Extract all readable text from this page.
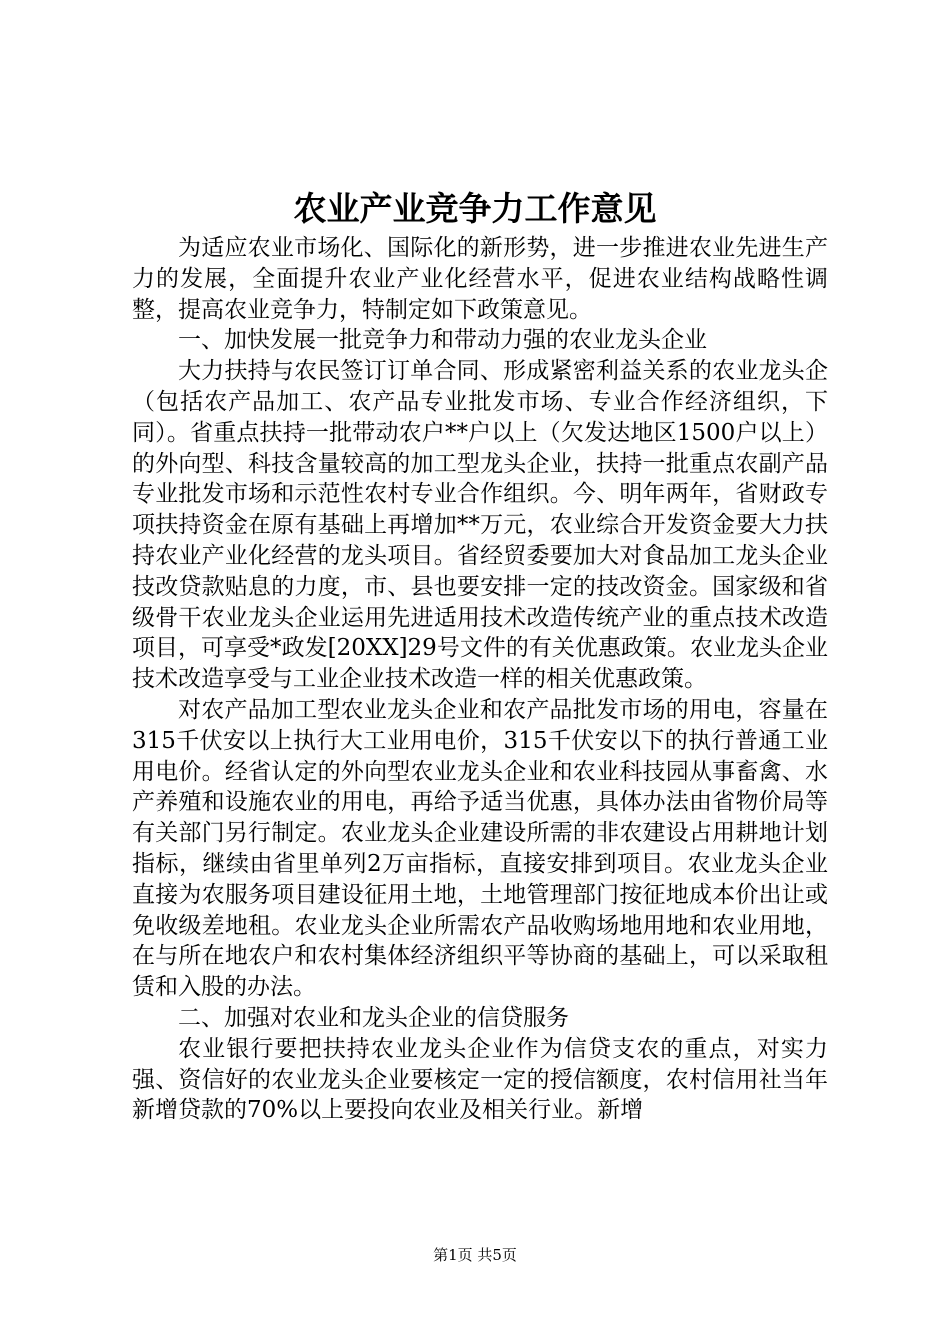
农业产业竞争力工作意见

为适应农业市场化、国际化的新形势，进一步推进农业先进生产力的发展，全面提升农业产业化经营水平，促进农业结构战略性调整，提高农业竞争力，特制定如下政策意见。

一、加快发展一批竞争力和带动力强的农业龙头企业

大力扶持与农民签订订单合同、形成紧密利益关系的农业龙头企（包括农产品加工、农产品专业批发市场、专业合作经济组织，下同）。省重点扶持一批带动农户**户以上（欠发达地区1500户以上）的外向型、科技含量较高的加工型龙头企业，扶持一批重点农副产品专业批发市场和示范性农村专业合作组织。今、明年两年，省财政专项扶持资金在原有基础上再增加**万元，农业综合开发资金要大力扶持农业产业化经营的龙头项目。省经贸委要加大对食品加工龙头企业技改贷款贴息的力度，市、县也要安排一定的技改资金。国家级和省级骨干农业龙头企业运用先进适用技术改造传统产业的重点技术改造项目，可享受*政发[20XX]29号文件的有关优惠政策。农业龙头企业技术改造享受与工业企业技术改造一样的相关优惠政策。

对农产品加工型农业龙头企业和农产品批发市场的用电，容量在315千伏安以上执行大工业用电价，315千伏安以下的执行普通工业用电价。经省认定的外向型农业龙头企业和农业科技园从事畜禽、水产养殖和设施农业的用电，再给予适当优惠，具体办法由省物价局等有关部门另行制定。农业龙头企业建设所需的非农建设占用耕地计划指标，继续由省里单列2万亩指标，直接安排到项目。农业龙头企业直接为农服务项目建设征用土地，土地管理部门按征地成本价出让或免收级差地租。农业龙头企业所需农产品收购场地用地和农业用地，在与所在地农户和农村集体经济组织平等协商的基础上，可以采取租赁和入股的办法。

二、加强对农业和龙头企业的信贷服务

农业银行要把扶持农业龙头企业作为信贷支农的重点，对实力强、资信好的农业龙头企业要核定一定的授信额度，农村信用社当年新增贷款的70%以上要投向农业及相关行业。新增

第1页 共5页
